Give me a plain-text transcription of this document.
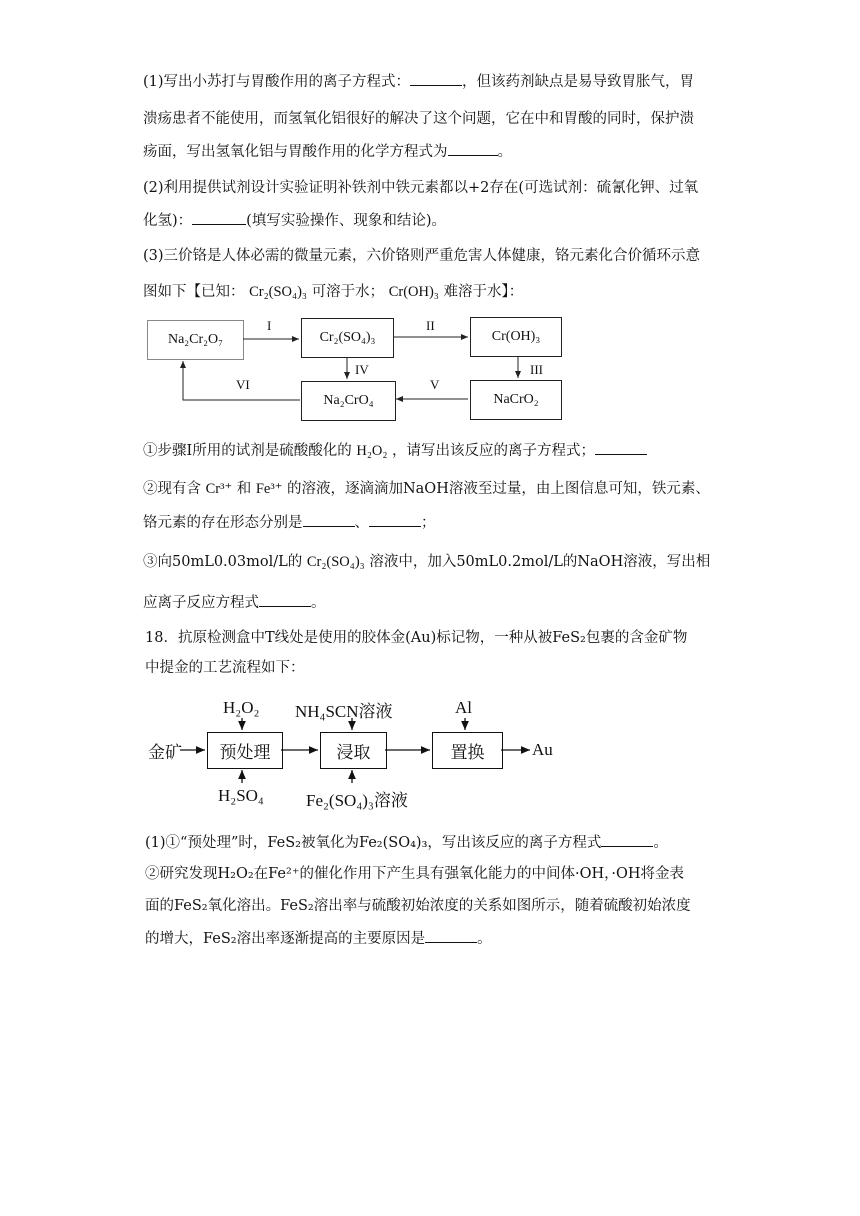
(1)写出小苏打与胃酸作用的离子方程式：	，但该药剂缺点是易导致胃胀气，胃
溃疡患者不能使用，而氢氧化铝很好的解决了这个问题，它在中和胃酸的同时，保护溃
疡面，写出氢氧化铝与胃酸作用的化学方程式为	。
(2)利用提供试剂设计实验证明补铁剂中铁元素都以+2存在(可选试剂：硫氰化钾、过氧
化氢)：	(填写实验操作、现象和结论)。
(3)三价铬是人体必需的微量元素，六价铬则严重危害人体健康，铬元素化合价循环示意
图如下【已知： Cr₂(SO₄)₃ 可溶于水； Cr(OH)₃ 难溶于水】：
Na₂Cr₂O₇	Cr₂(SO₄)₃	Cr(OH)₃
Na₂CrO₄	NaCrO₂
I	II
III
IV
V
VI
①步骤I所用的试剂是硫酸酸化的 H₂O₂ ，请写出该反应的离子方程式；
②现有含 Cr³⁺ 和 Fe³⁺ 的溶液，逐滴滴加NaOH溶液至过量，由上图信息可知，铁元素、
铬元素的存在形态分别是	、	；
③向50mL0.03mol/L的 Cr₂(SO₄)₃ 溶液中，加入50mL0.2mol/L的NaOH溶液，写出相
应离子反应方程式	。
18．抗原检测盒中T线处是使用的胶体金(Au)标记物，一种从被FeS₂包裹的含金矿物
中提金的工艺流程如下：
金矿	预处理	浸取	置换	Au
H₂O₂
H₂SO₄
NH₄SCN溶液
Fe₂(SO₄)₃溶液
Al
(1)①“预处理”时，FeS₂被氧化为Fe₂(SO₄)₃，写出该反应的离子方程式	。
②研究发现H₂O₂在Fe²⁺的催化作用下产生具有强氧化能力的中间体·OH，·OH将金表
面的FeS₂氧化溶出。FeS₂溶出率与硫酸初始浓度的关系如图所示，随着硫酸初始浓度
的增大，FeS₂溶出率逐渐提高的主要原因是	。
